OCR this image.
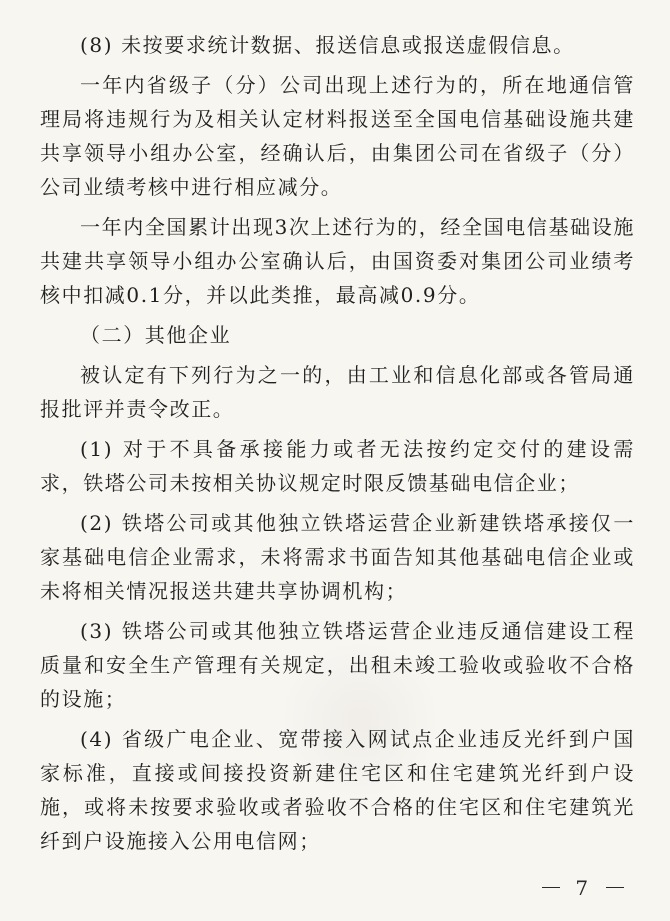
(8) 未按要求统计数据、报送信息或报送虚假信息。

一年内省级子（分）公司出现上述行为的，所在地通信管理局将违规行为及相关认定材料报送至全国电信基础设施共建共享领导小组办公室，经确认后，由集团公司在省级子（分）公司业绩考核中进行相应减分。

一年内全国累计出现3次上述行为的，经全国电信基础设施共建共享领导小组办公室确认后，由国资委对集团公司业绩考核中扣减0.1分，并以此类推，最高减0.9分。

（二）其他企业

被认定有下列行为之一的，由工业和信息化部或各管局通报批评并责令改正。

(1) 对于不具备承接能力或者无法按约定交付的建设需求，铁塔公司未按相关协议规定时限反馈基础电信企业；

(2) 铁塔公司或其他独立铁塔运营企业新建铁塔承接仅一家基础电信企业需求，未将需求书面告知其他基础电信企业或未将相关情况报送共建共享协调机构；

(3) 铁塔公司或其他独立铁塔运营企业违反通信建设工程质量和安全生产管理有关规定，出租未竣工验收或验收不合格的设施；

(4) 省级广电企业、宽带接入网试点企业违反光纤到户国家标准，直接或间接投资新建住宅区和住宅建筑光纤到户设施，或将未按要求验收或者验收不合格的住宅区和住宅建筑光纤到户设施接入公用电信网；

7
